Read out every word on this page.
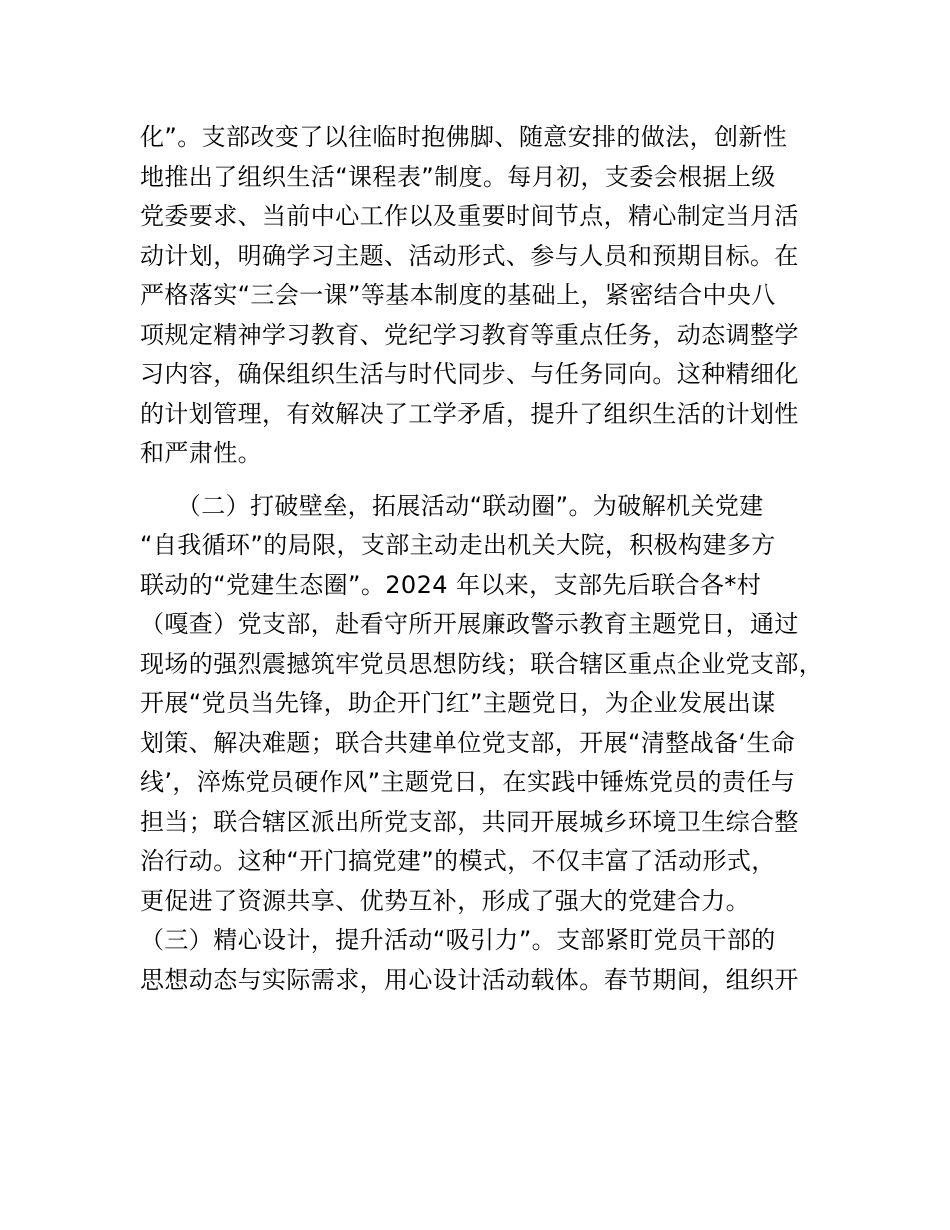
化”。支部改变了以往临时抱佛脚、随意安排的做法，创新性
地推出了组织生活“课程表”制度。每月初，支委会根据上级
党委要求、当前中心工作以及重要时间节点，精心制定当月活
动计划，明确学习主题、活动形式、参与人员和预期目标。在
严格落实“三会一课”等基本制度的基础上，紧密结合中央八
项规定精神学习教育、党纪学习教育等重点任务，动态调整学
习内容，确保组织生活与时代同步、与任务同向。这种精细化
的计划管理，有效解决了工学矛盾，提升了组织生活的计划性
和严肃性。
　　（二）打破壁垒，拓展活动“联动圈”。为破解机关党建
“自我循环”的局限，支部主动走出机关大院，积极构建多方
联动的“党建生态圈”。2024 年以来，支部先后联合各*村
（嘎查）党支部，赴看守所开展廉政警示教育主题党日，通过
现场的强烈震撼筑牢党员思想防线；联合辖区重点企业党支部，
开展“党员当先锋，助企开门红”主题党日，为企业发展出谋
划策、解决难题；联合共建单位党支部，开展“清整战备‘生命
线’，淬炼党员硬作风”主题党日，在实践中锤炼党员的责任与
担当；联合辖区派出所党支部，共同开展城乡环境卫生综合整
治行动。这种“开门搞党建”的模式，不仅丰富了活动形式，
更促进了资源共享、优势互补，形成了强大的党建合力。
（三）精心设计，提升活动“吸引力”。支部紧盯党员干部的
思想动态与实际需求，用心设计活动载体。春节期间，组织开
